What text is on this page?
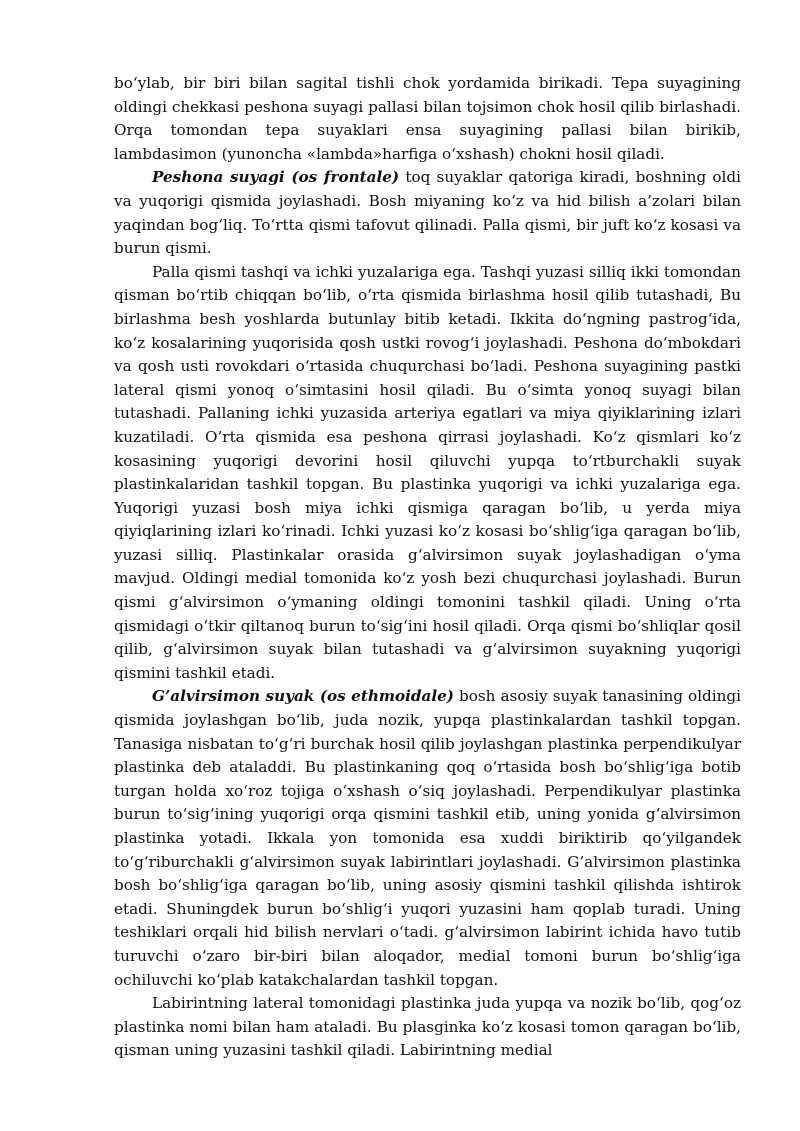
bo‘ylab, bir biri bilan sagital tishli chok yordamida birikadi. Tepa suyagining oldingi chekkasi peshona suyagi pallasi bilan tojsimon chok hosil qilib birlashadi. Orqa tomondan tepa suyaklari ensa suyagining pallasi bilan birikib, lambdasimon (yunoncha «lambda»harfiga o‘xshash) chokni hosil qiladi.

Peshona suyagi (os frontale) toq suyaklar qatoriga kiradi, boshning oldi va yuqorigi qismida joylashadi. Bosh miyaning ko‘z va hid bilish a’zolari bilan yaqindan bog‘liq. To‘rtta qismi tafovut qilinadi. Palla qismi, bir juft ko‘z kosasi va burun qismi.

Palla qismi tashqi va ichki yuzalariga ega. Tashqi yuzasi silliq ikki tomondan qisman bo‘rtib chiqqan bo‘lib, o‘rta qismida birlashma hosil qilib tutashadi, Bu birlashma besh yoshlarda butunlay bitib ketadi. Ikkita do‘ngning pastrog‘ida, ko‘z kosalarining yuqorisida qosh ustki rovog‘i joylashadi. Peshona do‘mbokdari va qosh usti rovokdari o‘rtasida chuqurchasi bo‘ladi. Peshona suyagining pastki lateral qismi yonoq o‘simtasini hosil qiladi. Bu o‘simta yonoq suyagi bilan tutashadi. Pallaning ichki yuzasida arteriya egatlari va miya qiyiklarining izlari kuzatiladi. O’rta qismida esa peshona qirrasi joylashadi. Ko‘z qismlari ko‘z kosasining yuqorigi devorini hosil qiluvchi yupqa to‘rtburchakli suyak plastinkalaridan tashkil topgan. Bu plastinka yuqorigi va ichki yuzalariga ega. Yuqorigi yuzasi bosh miya ichki qismiga qaragan bo‘lib, u yerda miya qiyiqlarining izlari ko‘rinadi. Ichki yuzasi ko‘z kosasi bo‘shlig‘iga qaragan bo‘lib, yuzasi silliq. Plastinkalar orasida g‘alvirsimon suyak joylashadigan o‘yma mavjud. Oldingi medial tomonida ko‘z yosh bezi chuqurchasi joylashadi. Burun qismi g‘alvirsimon o‘ymaning oldingi tomonini tashkil qiladi. Uning o‘rta qismidagi o‘tkir qiltanoq burun to‘sig‘ini hosil qiladi. Orqa qismi bo‘shliqlar qosil qilib, g‘alvirsimon suyak bilan tutashadi va g‘alvirsimon suyakning yuqorigi qismini tashkil etadi.

G’alvirsimon suyak (os ethmoidale) bosh asosiy suyak tanasining oldingi qismida joylashgan bo‘lib, juda nozik, yupqa plastinkalardan tashkil topgan. Tanasiga nisbatan to‘g‘ri burchak hosil qilib joylashgan plastinka perpendikulyar plastinka deb ataladdi. Bu plastinkaning qoq o‘rtasida bosh bo‘shlig‘iga botib turgan holda xo‘roz tojiga o‘xshash o‘siq joylashadi. Perpendikulyar plastinka burun to‘sig‘ining yuqorigi orqa qismini tashkil etib, uning yonida g‘alvirsimon plastinka yotadi. Ikkala yon tomonida esa xuddi biriktirib qo‘yilgandek to‘g‘riburchakli g‘alvirsimon suyak labirintlari joylashadi. G’alvirsimon plastinka bosh bo‘shlig‘iga qaragan bo‘lib, uning asosiy qismini tashkil qilishda ishtirok etadi. Shuningdek burun bo‘shlig‘i yuqori yuzasini ham qoplab turadi. Uning teshiklari orqali hid bilish nervlari o‘tadi. g‘alvirsimon labirint ichida havo tutib turuvchi o‘zaro bir-biri bilan aloqador, medial tomoni burun bo‘shlig‘iga ochiluvchi ko‘plab katakchalardan tashkil topgan.

Labirintning lateral tomonidagi plastinka juda yupqa va nozik bo‘lib, qog‘oz plastinka nomi bilan ham ataladi. Bu plasginka ko‘z kosasi tomon qaragan bo‘lib, qisman uning yuzasini tashkil qiladi. Labirintning medial
